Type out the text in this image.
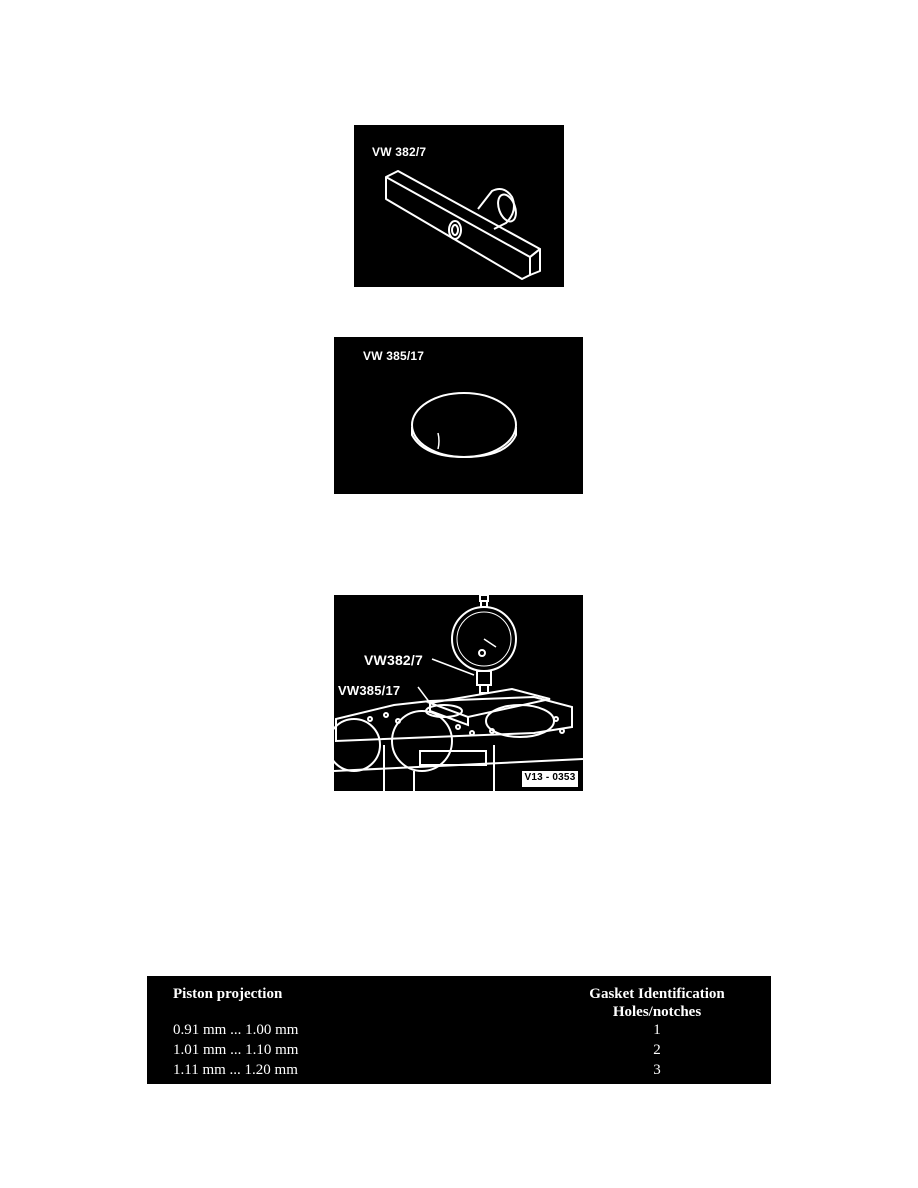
VW 382/7
VW 385/17
VW382/7
VW385/17
V13 - 0353
Piston projection	Gasket Identification
Holes/notches
0.91 mm ... 1.00 mm	1
1.01 mm ... 1.10 mm	2
1.11 mm ... 1.20 mm	3
